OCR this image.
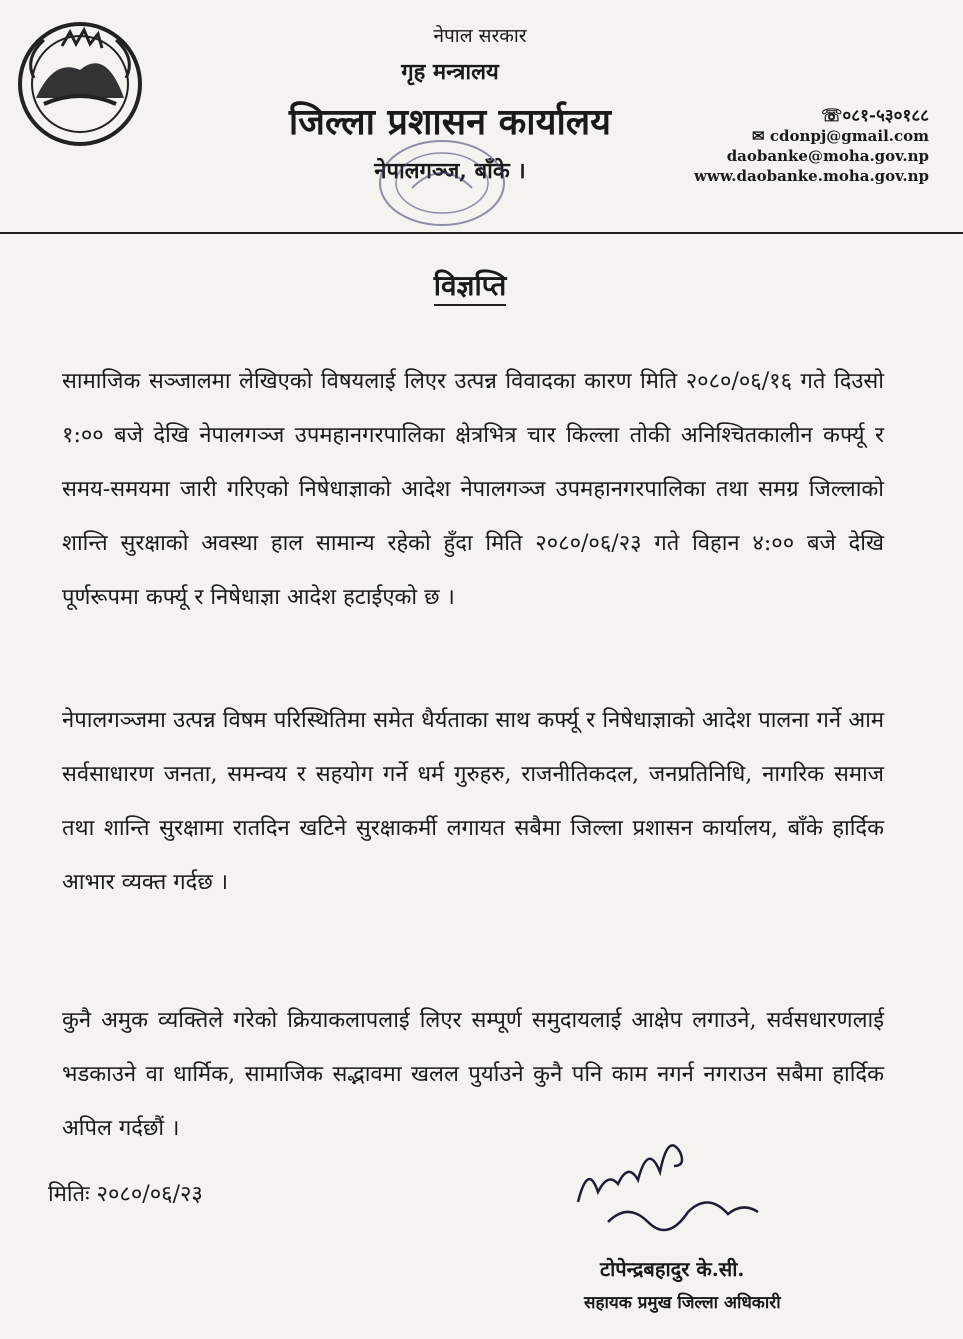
नेपाल सरकार
गृह मन्त्रालय
जिल्ला प्रशासन कार्यालय
नेपालगञ्ज, बाँके ।
☏०८१-५३०१८८
✉ cdonpj@gmail.com
daobanke@moha.gov.np
www.daobanke.moha.gov.np
विज्ञप्ति
सामाजिक सञ्जालमा लेखिएको विषयलाई लिएर उत्पन्न विवादका कारण मिति २०८०/०६/१६ गते दिउसो १:०० बजे देखि नेपालगञ्ज उपमहानगरपालिका क्षेत्रभित्र चार किल्ला तोकी अनिश्चितकालीन कर्फ्यू र समय-समयमा जारी गरिएको निषेधाज्ञाको आदेश नेपालगञ्ज उपमहानगरपालिका तथा समग्र जिल्लाको शान्ति सुरक्षाको अवस्था हाल सामान्य रहेको हुँदा मिति २०८०/०६/२३ गते विहान ४:०० बजे देखि पूर्णरूपमा कर्फ्यू र निषेधाज्ञा आदेश हटाईएको छ ।
नेपालगञ्जमा उत्पन्न विषम परिस्थितिमा समेत धैर्यताका साथ कर्फ्यू र निषेधाज्ञाको आदेश पालना गर्ने आम सर्वसाधारण जनता, समन्वय र सहयोग गर्ने धर्म गुरुहरु, राजनीतिकदल, जनप्रतिनिधि, नागरिक समाज तथा शान्ति सुरक्षामा रातदिन खटिने सुरक्षाकर्मी लगायत सबैमा जिल्ला प्रशासन कार्यालय, बाँके हार्दिक आभार व्यक्त गर्दछ ।
कुनै अमुक व्यक्तिले गरेको क्रियाकलापलाई लिएर सम्पूर्ण समुदायलाई आक्षेप लगाउने, सर्वसधारणलाई भडकाउने वा धार्मिक, सामाजिक सद्भावमा खलल पुर्याउने कुनै पनि काम नगर्न नगराउन सबैमा हार्दिक अपिल गर्दछौं ।
मितिः २०८०/०६/२३
टोपेन्द्रबहादुर के.सी.
सहायक प्रमुख जिल्ला अधिकारी
